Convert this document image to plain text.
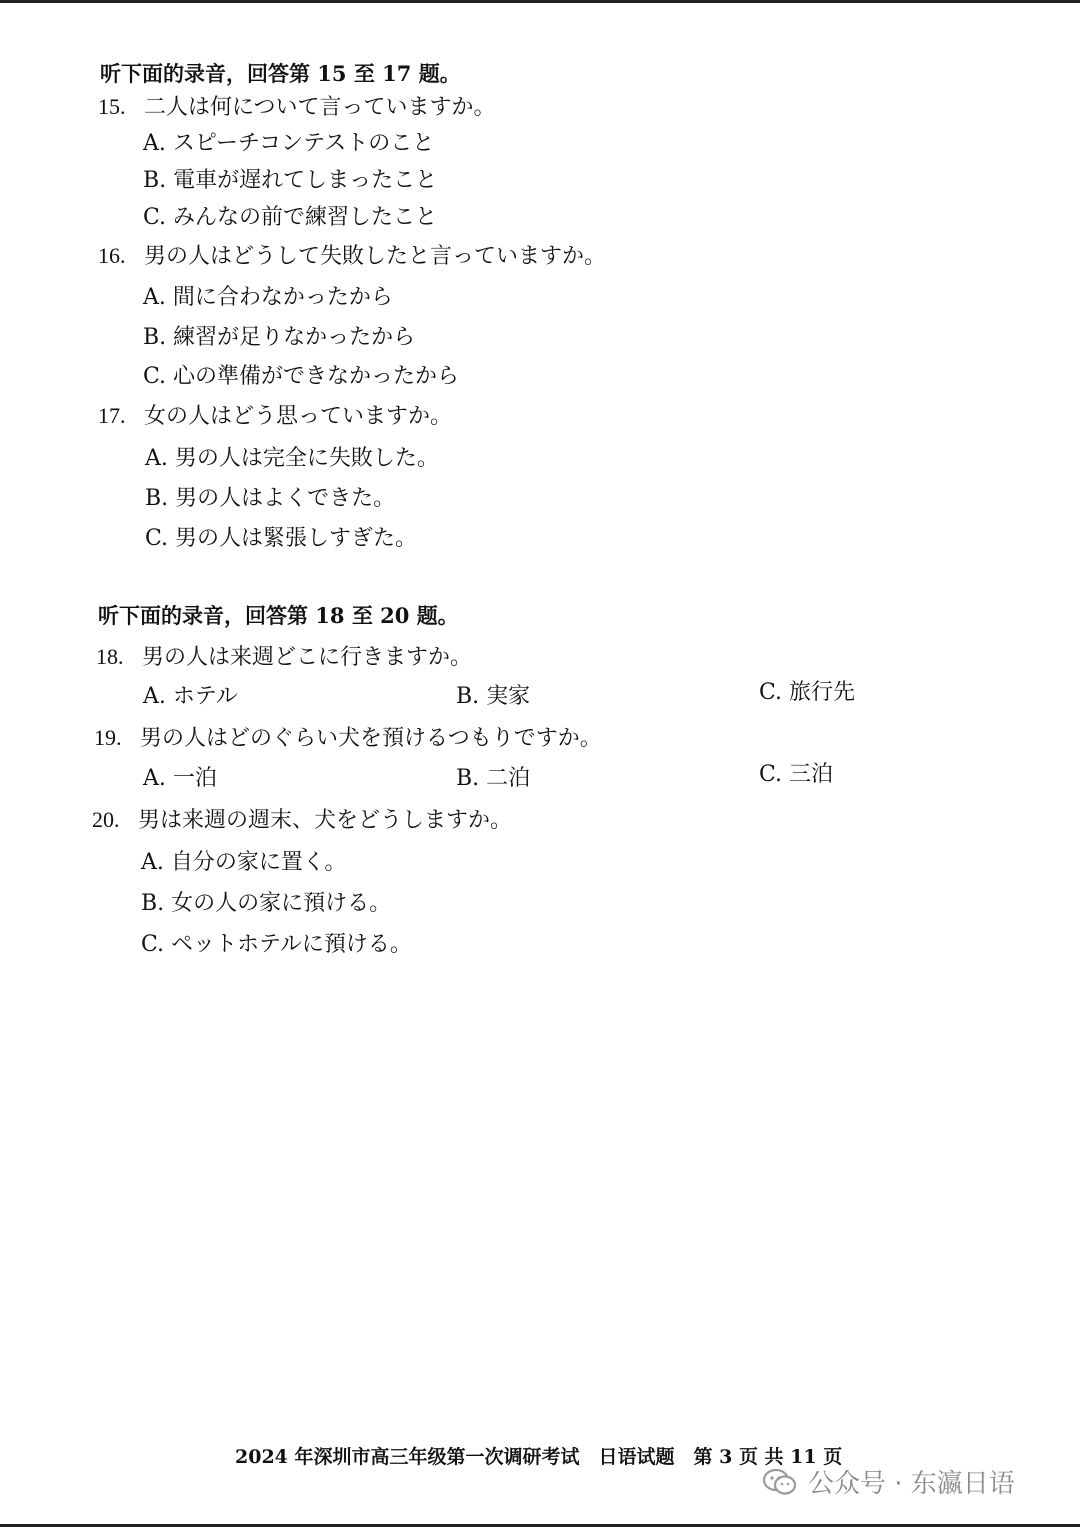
听下面的录音，回答第 15 至 17 题。
15. 二人は何について言っていますか。
A. スピーチコンテストのこと
B. 電車が遅れてしまったこと
C. みんなの前で練習したこと
16. 男の人はどうして失敗したと言っていますか。
A. 間に合わなかったから
B. 練習が足りなかったから
C. 心の準備ができなかったから
17. 女の人はどう思っていますか。
A. 男の人は完全に失敗した。
B. 男の人はよくできた。
C. 男の人は緊張しすぎた。
听下面的录音，回答第 18 至 20 题。
18. 男の人は来週どこに行きますか。
A. ホテル	B. 実家	C. 旅行先
19. 男の人はどのぐらい犬を預けるつもりですか。
A. 一泊	B. 二泊	C. 三泊
20. 男は来週の週末、犬をどうしますか。
A. 自分の家に置く。
B. 女の人の家に預ける。
C. ペットホテルに預ける。
2024 年深圳市高三年级第一次调研考试　日语试题　第 3 页 共 11 页
公众号 · 东瀛日语
